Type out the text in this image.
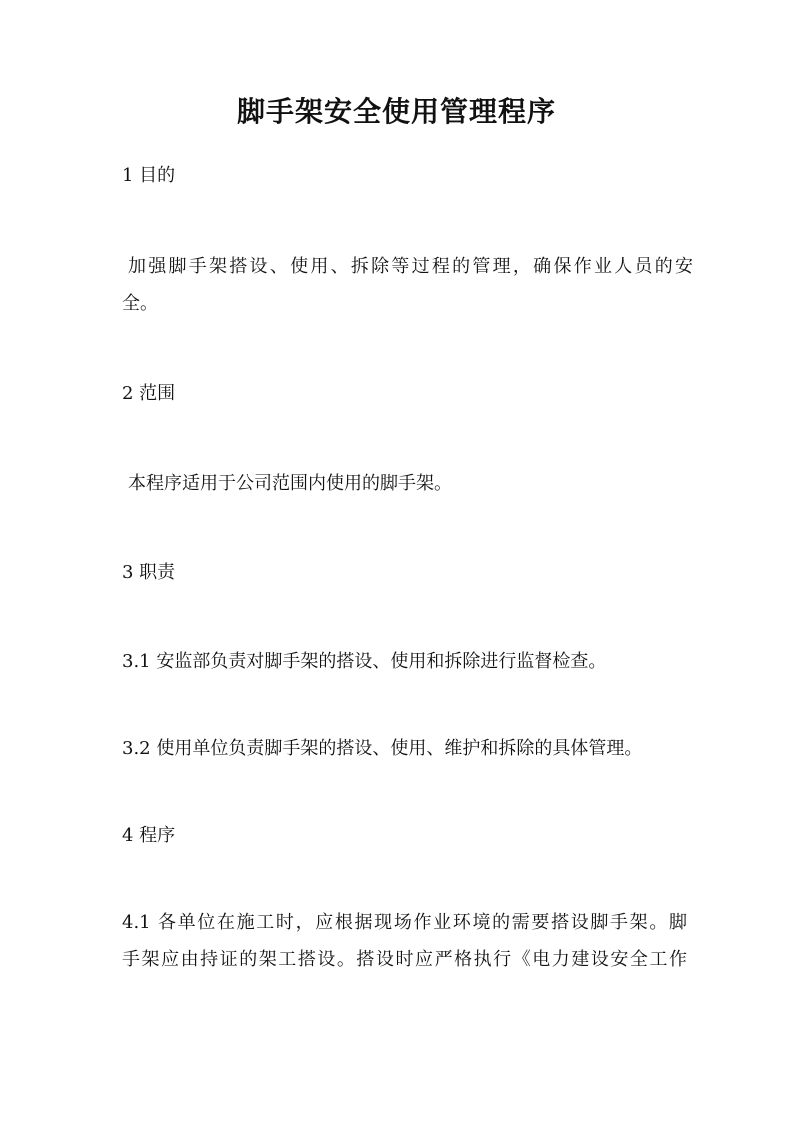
脚手架安全使用管理程序
1 目的
加强脚手架搭设、使用、拆除等过程的管理，确保作业人员的安
全。
2 范围
本程序适用于公司范围内使用的脚手架。
3 职责
3.1 安监部负责对脚手架的搭设、使用和拆除进行监督检查。
3.2 使用单位负责脚手架的搭设、使用、维护和拆除的具体管理。
4 程序
4.1 各单位在施工时，应根据现场作业环境的需要搭设脚手架。脚
手架应由持证的架工搭设。搭设时应严格执行《电力建设安全工作
